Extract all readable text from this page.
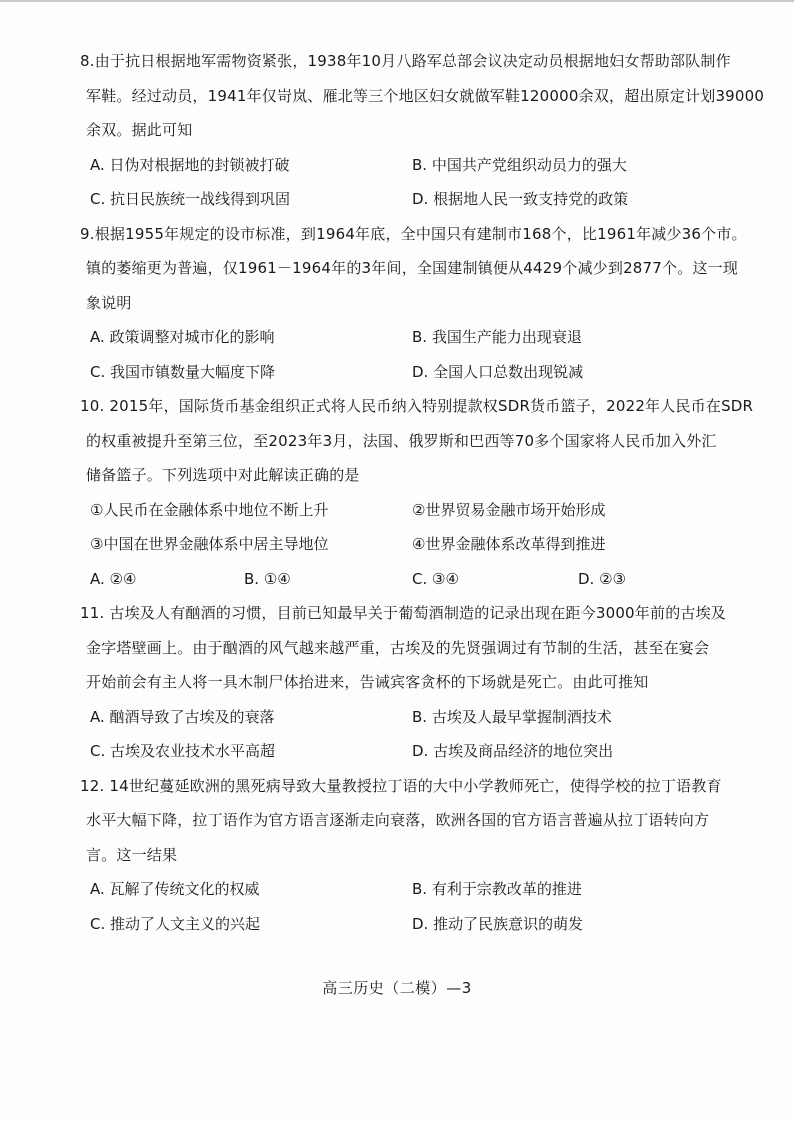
8.由于抗日根据地军需物资紧张，1938年10月八路军总部会议决定动员根据地妇女帮助部队制作
军鞋。经过动员，1941年仅岢岚、雁北等三个地区妇女就做军鞋120000余双，超出原定计划39000
余双。据此可知
A. 日伪对根据地的封锁被打破	B. 中国共产党组织动员力的强大
C. 抗日民族统一战线得到巩固	D. 根据地人民一致支持党的政策
9.根据1955年规定的设市标准，到1964年底，全中国只有建制市168个，比1961年减少36个市。
镇的萎缩更为普遍，仅1961－1964年的3年间，全国建制镇便从4429个减少到2877个。这一现
象说明
A. 政策调整对城市化的影响	B. 我国生产能力出现衰退
C. 我国市镇数量大幅度下降	D. 全国人口总数出现锐减
10. 2015年，国际货币基金组织正式将人民币纳入特别提款权SDR货币篮子，2022年人民币在SDR
的权重被提升至第三位，至2023年3月，法国、俄罗斯和巴西等70多个国家将人民币加入外汇
储备篮子。下列选项中对此解读正确的是
①人民币在金融体系中地位不断上升	②世界贸易金融市场开始形成
③中国在世界金融体系中居主导地位	④世界金融体系改革得到推进
A. ②④	B. ①④	C. ③④	D. ②③
11. 古埃及人有酗酒的习惯，目前已知最早关于葡萄酒制造的记录出现在距今3000年前的古埃及
金字塔壁画上。由于酗酒的风气越来越严重，古埃及的先贤强调过有节制的生活，甚至在宴会
开始前会有主人将一具木制尸体抬进来，告诫宾客贪杯的下场就是死亡。由此可推知
A. 酗酒导致了古埃及的衰落	B. 古埃及人最早掌握制酒技术
C. 古埃及农业技术水平高超	D. 古埃及商品经济的地位突出
12. 14世纪蔓延欧洲的黑死病导致大量教授拉丁语的大中小学教师死亡，使得学校的拉丁语教育
水平大幅下降，拉丁语作为官方语言逐渐走向衰落，欧洲各国的官方语言普遍从拉丁语转向方
言。这一结果
A. 瓦解了传统文化的权威	B. 有利于宗教改革的推进
C. 推动了人文主义的兴起	D. 推动了民族意识的萌发
高三历史（二模）—3
